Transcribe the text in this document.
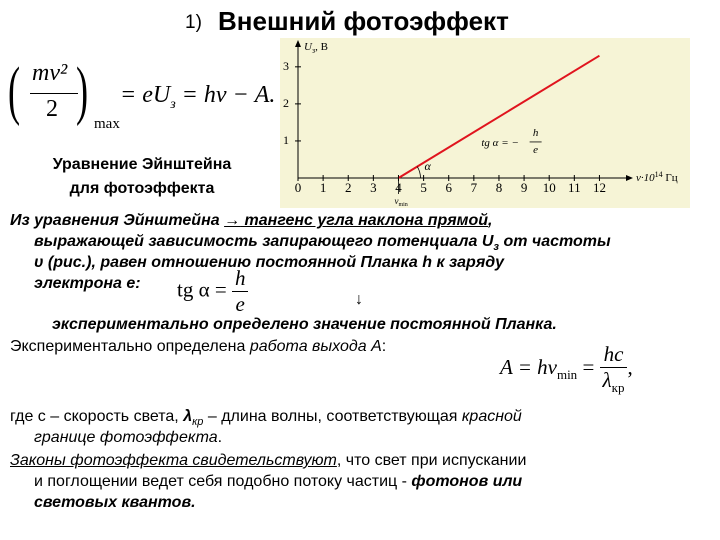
1) Внешний фотоэффект
( mv²
2 ) max
= $eU_з = h\nu - A$.
Уравнение Эйнштейна
для фотоэффекта	0 1 2 3 4 5 6 7 8 9 10 11 12
1
2
3
$U_з$, В
$\nu\cdot 10^{14}$ Гц
$\nu_{min}$
α
tg α = −
h
e
Из уравнения Эйнштейна → тангенс угла наклона прямой,
выражающей зависимость запирающего потенциала $U_з$ от частоты
υ (рис.), равен отношению постоянной Планка h к заряду
электрона е: tg $\alpha = \frac{h}{e}$	↓
экспериментально определено значение постоянной Планка.
Экспериментально определена работа выхода А:
$A = h\nu_{min} = \frac{hc}{\lambda_{кр}}$ ,
где с – скорость света, $\lambda_{кр}$ – длина волны, соответствующая красной
границе фотоэффекта.
Законы фотоэффекта свидетельствуют, что свет при испускании
и поглощении ведет себя подобно потоку частиц - фотонов или
световых квантов.
